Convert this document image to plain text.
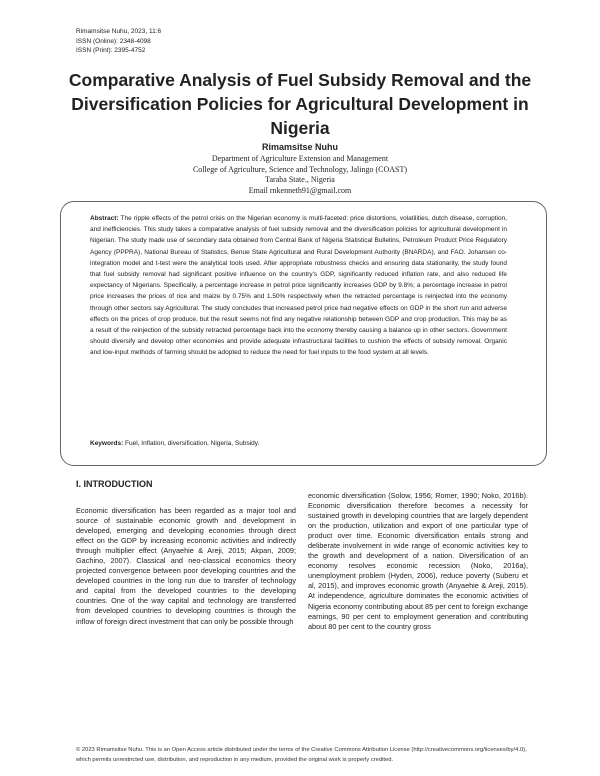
Rimamsitse Nuhu, 2023, 11:6
ISSN (Online): 2348-4098
ISSN (Print): 2395-4752
Comparative Analysis of Fuel Subsidy Removal and the Diversification Policies for Agricultural Development in Nigeria
Rimamsitse Nuhu
Department of Agriculture Extension and Management
College of Agriculture, Science and Technology, Jalingo (COAST)
Taraba State., Nigeria
Email rnkenneth91@gmail.com
Abstract: The ripple effects of the petrol crisis on the Nigerian economy is multi-faceted: price distortions, volatilities, dutch disease, corruption, and inefficiencies. This study takes a comparative analysis of fuel subsidy removal and the diversification policies for agricultural development in Nigerian. The study made use of secondary data obtained from Central Bank of Nigeria Statistical Bulletins, Petroleum Product Price Regulatory Agency (PPPRA), National Bureau of Statistics, Benue State Agricultural and Rural Development Authority (BNARDA), and FAO. Johansen co-integration model and t-test were the analytical tools used. After appropriate robustness checks and ensuring data stationarity, the study found that fuel subsidy removal had significant positive influence on the country's GDP, significantly reduced inflation rate, and also reduced life expectancy of Nigerians. Specifically, a percentage increase in petrol price significantly increases GDP by 9.8%; a percentage increase in petrol price increases the prices of rice and maize by 0.75% and 1.50% respectively when the retracted percentage is reinjected into the economy through other sectors say Agricultural. The study concludes that increased petrol price had negative effects on GDP in the short run and adverse effects on the prices of crop produce, but the result seems not find any negative relationship between GDP and crop production. This may be as a result of the reinjection of the subsidy retracted percentage back into the economy thereby causing a balance up in other sectors. Government should diversify and develop other economies and provide adequate infrastructural facilities to cushion the effects of subsidy removal. Organic and low-input methods of farming should be adopted to reduce the need for fuel inputs to the food system at all levels.
Keywords: Fuel, Inflation, diversification, Nigeria, Subsidy.
I. INTRODUCTION
Economic diversification has been regarded as a major tool and source of sustainable economic growth and development in developed, emerging and developing economies through direct effect on the GDP by increasing economic activities and indirectly through multiplier effect (Anyaehie & Areji, 2015; Akpan, 2009; Gachino, 2007). Classical and neo-classical economics theory projected convergence between poor developing countries and the developed countries in the long run due to transfer of technology and capital from the developed countries to the developing countries. One of the way capital and technology are transferred from developed countries to developing countries is through the inflow of foreign direct investment that can only be possible through
economic diversification (Solow, 1956; Romer, 1990; Noko, 2016b). Economic diversification therefore becomes a necessity for sustained growth in developing countries that are largely dependent on the production, utilization and export of one particular type of product over time. Economic diversification entails strong and deliberate involvement in wide range of economic activities key to the growth and development of a nation. Diversification of an economy resolves economic recession (Noko, 2016a), unemployment problem (Hyden, 2006), reduce poverty (Suberu et al, 2015), and improves economic growth (Anyaehie & Areji, 2015). At independence, agriculture dominates the economic activities of Nigeria economy contributing about 85 per cent to foreign exchange earnings, 90 per cent to employment generation and contributing about 80 per cent to the country gross
© 2023 Rimamsitse Nuhu. This is an Open Access article distributed under the terms of the Creative Commons Attribution License (http://creativecommons.org/licenses/by/4.0), which permits unrestricted use, distribution, and reproduction in any medium, provided the original work is properly credited.
